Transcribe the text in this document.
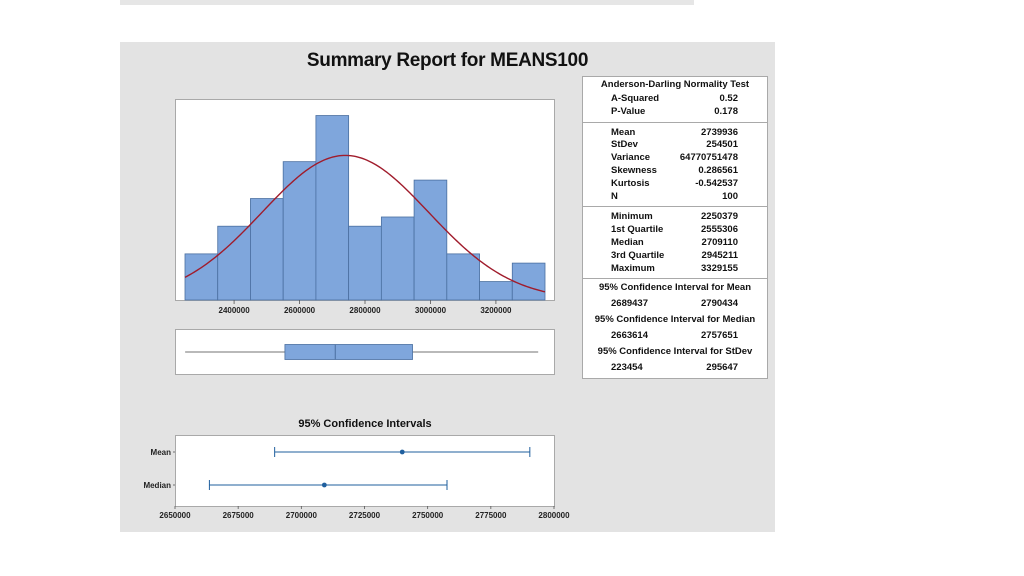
Summary Report for MEANS100
2400000	2600000	2800000	3000000	3200000
Anderson-Darling Normality Test
A-Squared	0.52
P-Value	0.178
Mean	2739936
StDev	254501
Variance	64770751478
Skewness	0.286561
Kurtosis	-0.542537
N	100
Minimum	2250379
1st Quartile	2555306
Median	2709110
3rd Quartile	2945211
Maximum	3329155
95% Confidence Interval for Mean
2689437	2790434
95% Confidence Interval for Median
2663614	2757651
95% Confidence Interval for StDev
223454	295647
95% Confidence Intervals
Mean
Median
2650000	2675000	2700000	2725000	2750000	2775000	2800000
